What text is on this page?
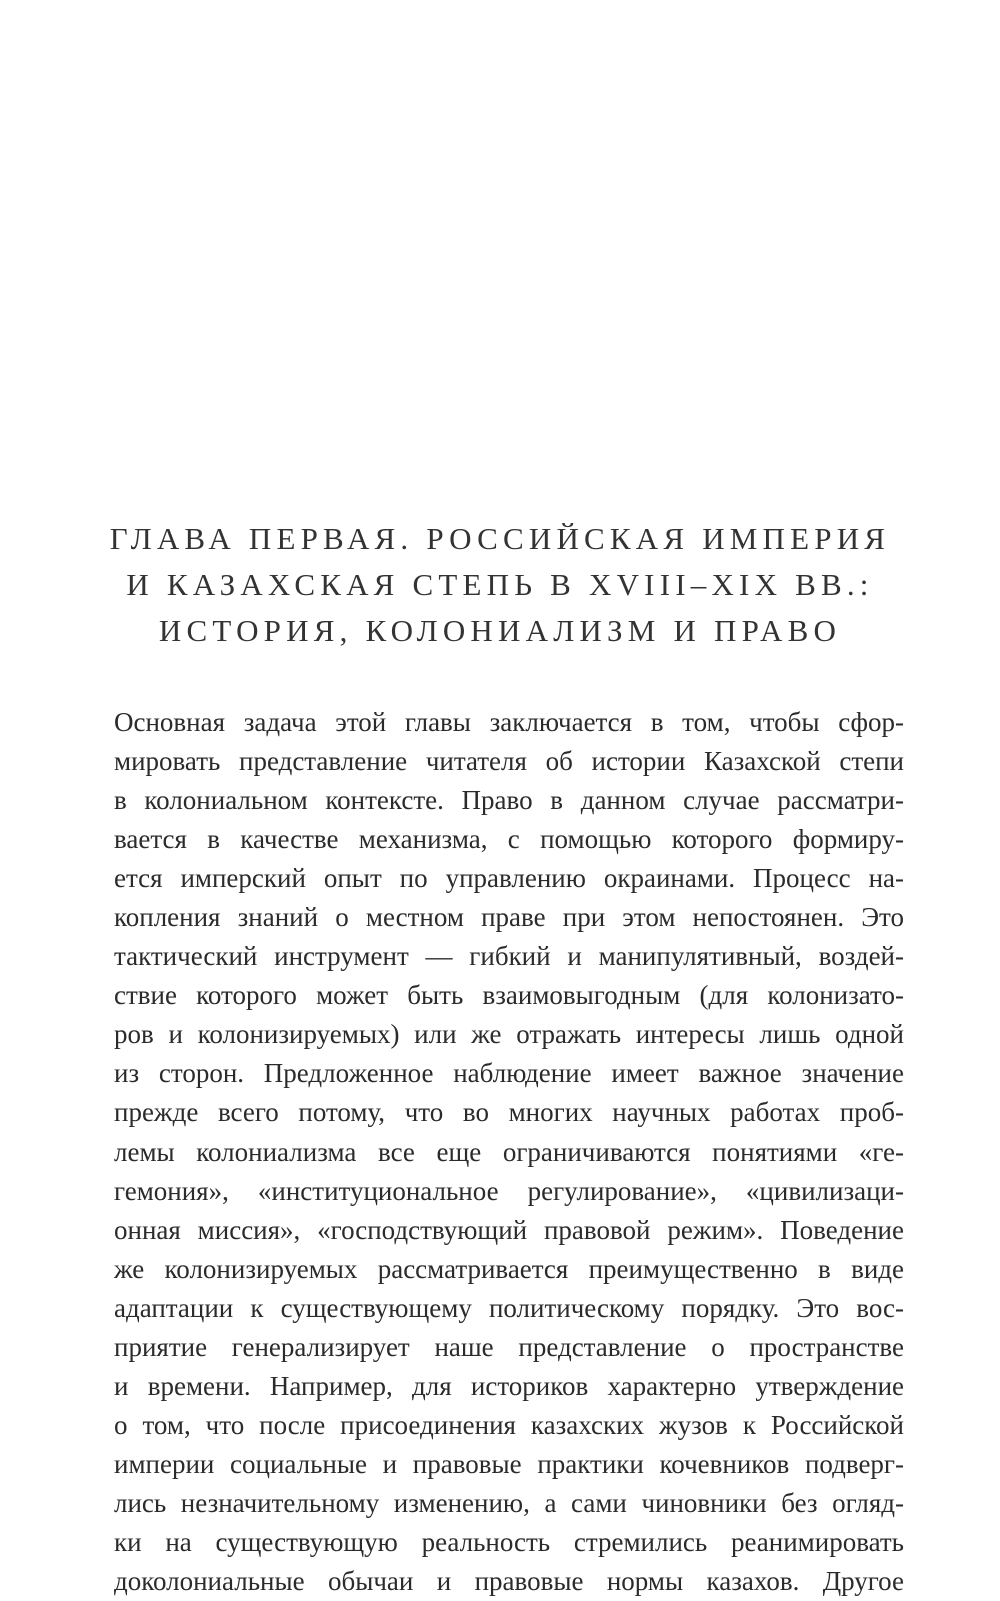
ГЛАВА ПЕРВАЯ. РОССИЙСКАЯ ИМПЕРИЯ
И КАЗАХСКАЯ СТЕПЬ В XVIII–XIX ВВ.:
ИСТОРИЯ, КОЛОНИАЛИЗМ И ПРАВО
Основная задача этой главы заключается в том, чтобы сфор-
мировать представление читателя об истории Казахской степи
в колониальном контексте. Право в данном случае рассматри-
вается в качестве механизма, с помощью которого формиру-
ется имперский опыт по управлению окраинами. Процесс на-
копления знаний о местном праве при этом непостоянен. Это
тактический инструмент — гибкий и манипулятивный, воздей-
ствие которого может быть взаимовыгодным (для колонизато-
ров и колонизируемых) или же отражать интересы лишь одной
из сторон. Предложенное наблюдение имеет важное значение
прежде всего потому, что во многих научных работах проб-
лемы колониализма все еще ограничиваются понятиями «ге-
гемония», «институциональное регулирование», «цивилизаци-
онная миссия», «господствующий правовой режим». Поведение
же колонизируемых рассматривается преимущественно в виде
адаптации к существующему политическому порядку. Это вос-
приятие генерализирует наше представление о пространстве
и времени. Например, для историков характерно утверждение
о том, что после присоединения казахских жузов к Российской
империи социальные и правовые практики кочевников подверг-
лись незначительному изменению, а сами чиновники без огляд-
ки на существующую реальность стремились реанимировать
доколониальные обычаи и правовые нормы казахов. Другое
